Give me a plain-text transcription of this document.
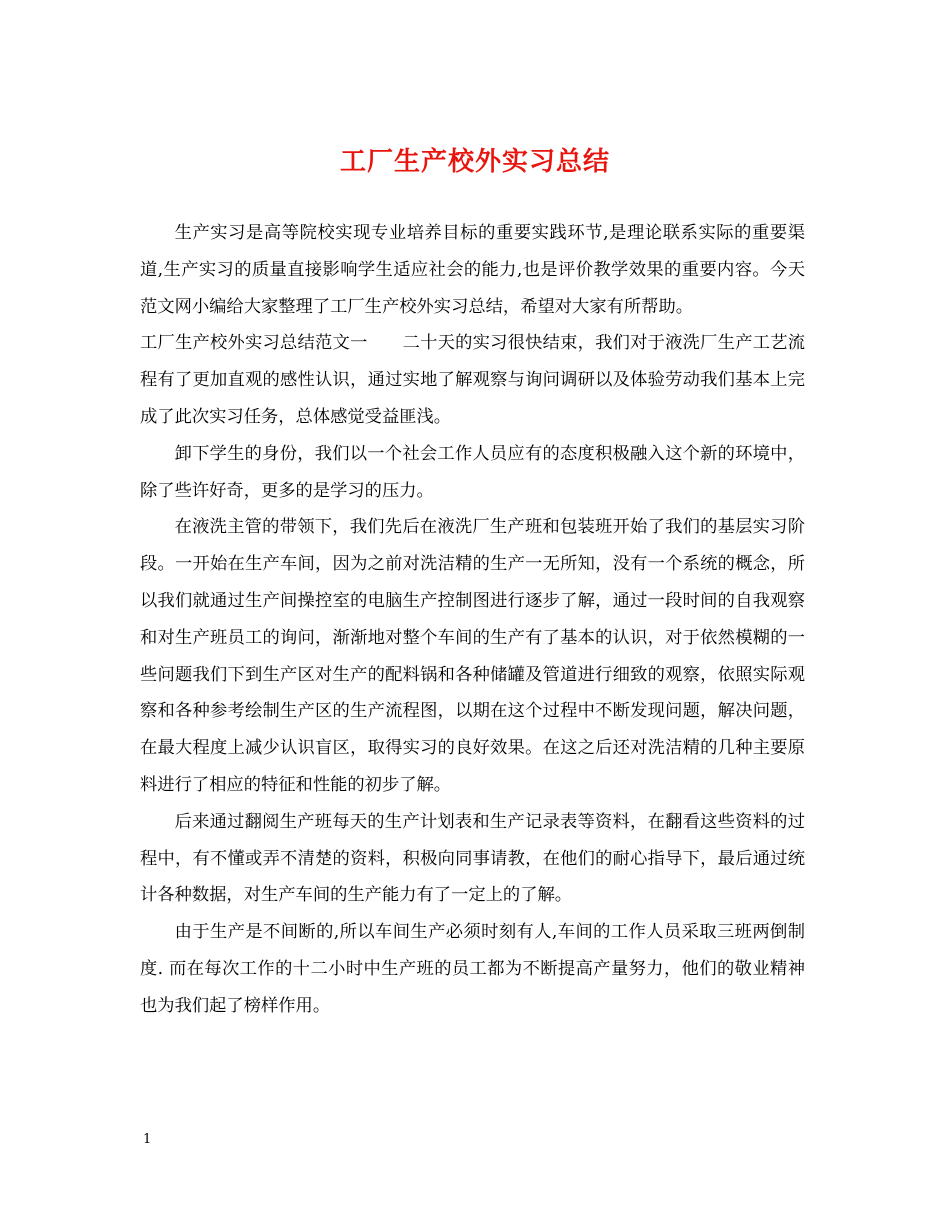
工厂生产校外实习总结

生产实习是高等院校实现专业培养目标的重要实践环节,是理论联系实际的重要渠道,生产实习的质量直接影响学生适应社会的能力,也是评价教学效果的重要内容。今天范文网小编给大家整理了工厂生产校外实习总结，希望对大家有所帮助。

工厂生产校外实习总结范文一　　二十天的实习很快结束，我们对于液洗厂生产工艺流程有了更加直观的感性认识，通过实地了解观察与询问调研以及体验劳动我们基本上完成了此次实习任务，总体感觉受益匪浅。

卸下学生的身份，我们以一个社会工作人员应有的态度积极融入这个新的环境中，除了些许好奇，更多的是学习的压力。

在液洗主管的带领下，我们先后在液洗厂生产班和包装班开始了我们的基层实习阶段。一开始在生产车间，因为之前对洗洁精的生产一无所知，没有一个系统的概念，所以我们就通过生产间操控室的电脑生产控制图进行逐步了解，通过一段时间的自我观察和对生产班员工的询问，渐渐地对整个车间的生产有了基本的认识，对于依然模糊的一些问题我们下到生产区对生产的配料锅和各种储罐及管道进行细致的观察，依照实际观察和各种参考绘制生产区的生产流程图，以期在这个过程中不断发现问题，解决问题，在最大程度上减少认识盲区，取得实习的良好效果。在这之后还对洗洁精的几种主要原料进行了相应的特征和性能的初步了解。

后来通过翻阅生产班每天的生产计划表和生产记录表等资料，在翻看这些资料的过程中，有不懂或弄不清楚的资料，积极向同事请教，在他们的耐心指导下，最后通过统计各种数据，对生产车间的生产能力有了一定上的了解。

由于生产是不间断的,所以车间生产必须时刻有人,车间的工作人员采取三班两倒制度. 而在每次工作的十二小时中生产班的员工都为不断提高产量努力，他们的敬业精神也为我们起了榜样作用。

1
